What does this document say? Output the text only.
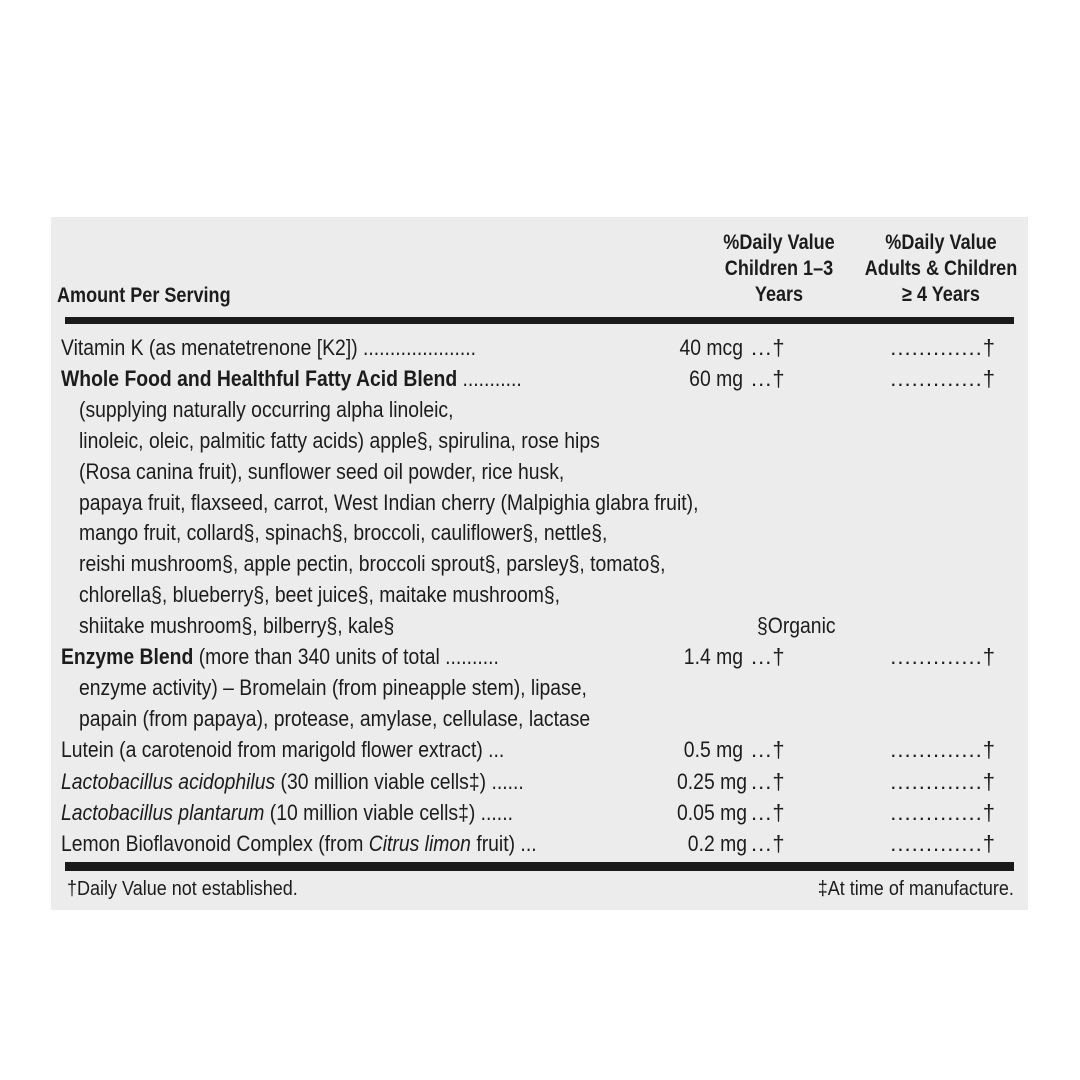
Amount Per Serving
%Daily Value
Children 1–3
Years
%Daily Value
Adults & Children
≥ 4 Years
Vitamin K (as menatetrenone [K2]) .....................	40 mcg ...†	.............†
Whole Food and Healthful Fatty Acid Blend ...........	60 mg ...†	.............†
(supplying naturally occurring alpha linoleic,
linoleic, oleic, palmitic fatty acids) apple§, spirulina, rose hips
(Rosa canina fruit), sunflower seed oil powder, rice husk,
papaya fruit, flaxseed, carrot, West Indian cherry (Malpighia glabra fruit),
mango fruit, collard§, spinach§, broccoli, cauliflower§, nettle§,
reishi mushroom§, apple pectin, broccoli sprout§, parsley§, tomato§,
chlorella§, blueberry§, beet juice§, maitake mushroom§,
shiitake mushroom§, bilberry§, kale§	§Organic
Enzyme Blend (more than 340 units of total ..........	1.4 mg ...†	.............†
enzyme activity) – Bromelain (from pineapple stem), lipase,
papain (from papaya), protease, amylase, cellulase, lactase
Lutein (a carotenoid from marigold flower extract) ...	0.5 mg ...†	.............†
Lactobacillus acidophilus (30 million viable cells‡) ......	0.25 mg ...†	.............†
Lactobacillus plantarum (10 million viable cells‡) ......	0.05 mg ...†	.............†
Lemon Bioflavonoid Complex (from Citrus limon fruit) ...	0.2 mg ...†	.............†
†Daily Value not established.	‡At time of manufacture.
